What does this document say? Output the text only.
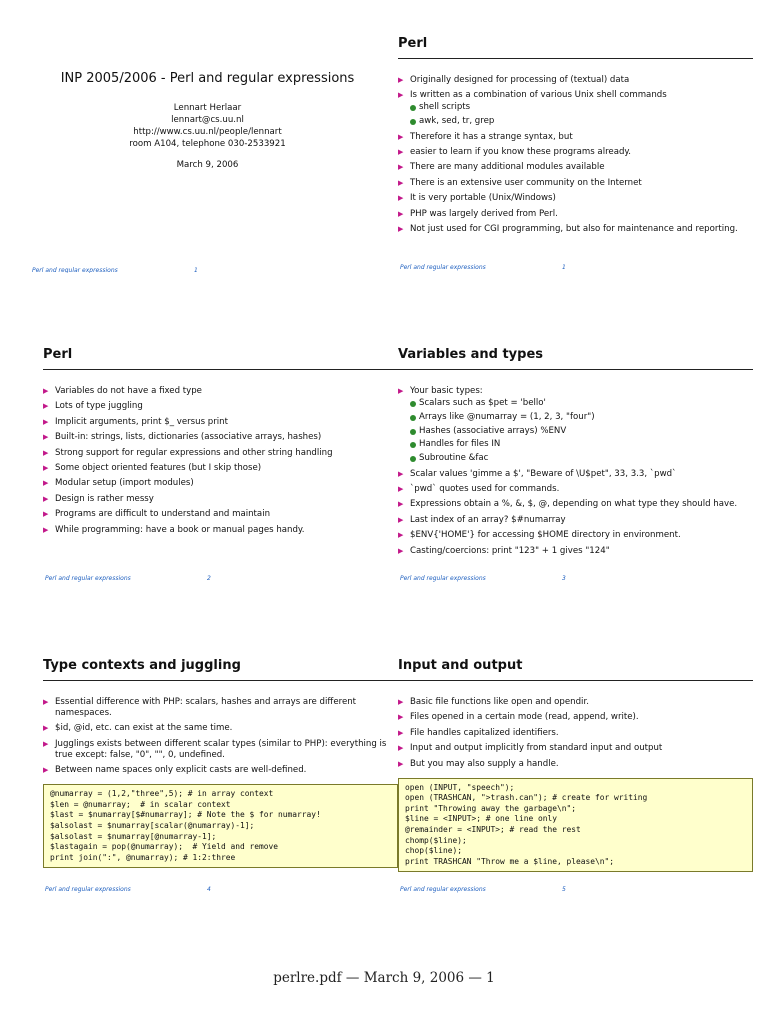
INP 2005/2006 - Perl and regular expressions
Lennart Herlaar
lennart@cs.uu.nl
http://www.cs.uu.nl/people/lennart
room A104, telephone 030-2533921
March 9, 2006
Perl and regular expressions	1
Perl
▶ Originally designed for processing of (textual) data
▶ Is written as a combination of various Unix shell commands
shell scripts
awk, sed, tr, grep
▶ Therefore it has a strange syntax, but
▶ easier to learn if you know these programs already.
▶ There are many additional modules available
▶ There is an extensive user community on the Internet
▶ It is very portable (Unix/Windows)
▶ PHP was largely derived from Perl.
▶ Not just used for CGI programming, but also for maintenance and reporting.
Perl and regular expressions	1
Perl
▶ Variables do not have a fixed type
▶ Lots of type juggling
▶ Implicit arguments, print $_ versus print
▶ Built-in: strings, lists, dictionaries (associative arrays, hashes)
▶ Strong support for regular expressions and other string handling
▶ Some object oriented features (but I skip those)
▶ Modular setup (import modules)
▶ Design is rather messy
▶ Programs are difficult to understand and maintain
▶ While programming: have a book or manual pages handy.
Perl and regular expressions	2
Variables and types
▶ Your basic types:
Scalars such as $pet = 'bello'
Arrays like @numarray = (1, 2, 3, "four")
Hashes (associative arrays) %ENV
Handles for files IN
Subroutine &fac
▶ Scalar values 'gimme a $', "Beware of \U$pet", 33, 3.3, `pwd`
▶ `pwd` quotes used for commands.
▶ Expressions obtain a %, &, $, @, depending on what type they should have.
▶ Last index of an array? $#numarray
▶ $ENV{'HOME'} for accessing $HOME directory in environment.
▶ Casting/coercions: print "123" + 1 gives "124"
Perl and regular expressions	3
Type contexts and juggling
▶ Essential difference with PHP: scalars, hashes and arrays are different namespaces.
▶ $id, @id, etc. can exist at the same time.
▶ Jugglings exists between different scalar types (similar to PHP): everything is true except: false, "0", "", 0, undefined.
▶ Between name spaces only explicit casts are well-defined.
@numarray = (1,2,"three",5); # in array context
$len = @numarray;  # in scalar context
$last = $numarray[$#numarray]; # Note the $ for numarray!
$alsolast = $numarray[scalar(@numarray)-1];
$alsolast = $numarray[@numarray-1];
$lastagain = pop(@numarray);  # Yield and remove
print join(":", @numarray); # 1:2:three
Perl and regular expressions	4
Input and output
▶ Basic file functions like open and opendir.
▶ Files opened in a certain mode (read, append, write).
▶ File handles capitalized identifiers.
▶ Input and output implicitly from standard input and output
▶ But you may also supply a handle.
open (INPUT, "speech");
open (TRASHCAN, ">trash.can"); # create for writing
print "Throwing away the garbage\n";
$line = <INPUT>; # one line only
@remainder = <INPUT>; # read the rest
chomp($line);
chop($line);
print TRASHCAN "Throw me a $line, please\n";
Perl and regular expressions	5
perlre.pdf — March 9, 2006 — 1
